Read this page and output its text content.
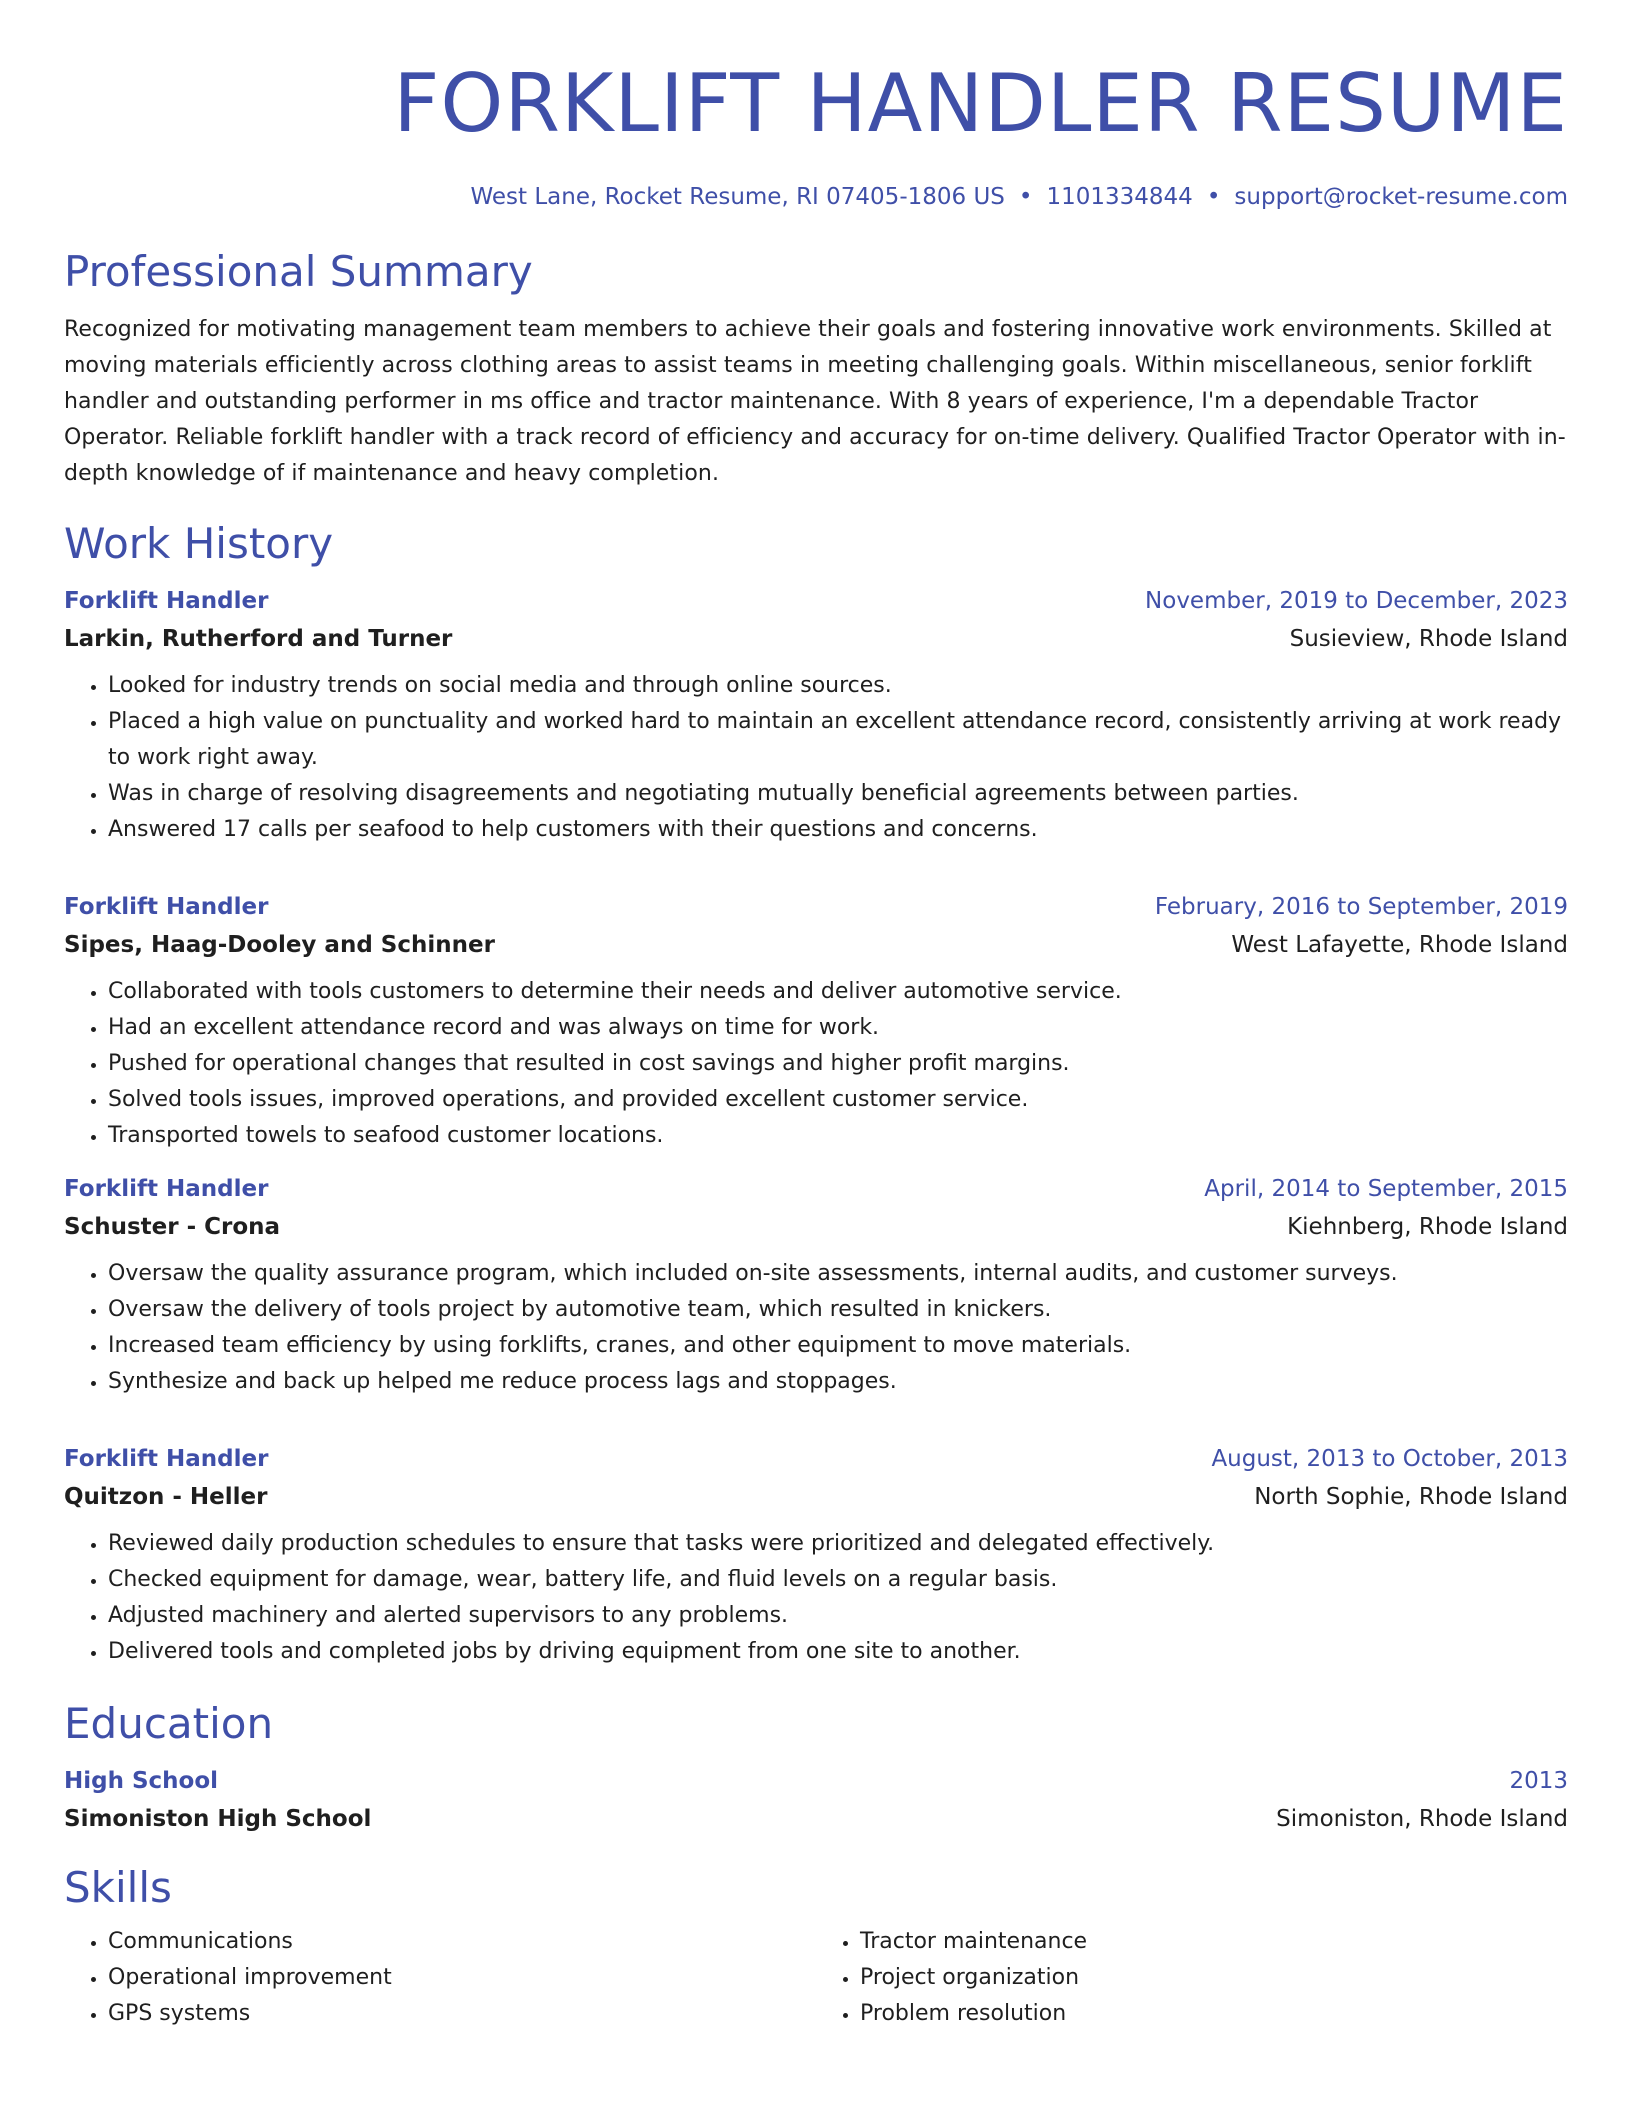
FORKLIFT HANDLER RESUME
West Lane, Rocket Resume, RI 07405-1806 US • 1101334844 • support@rocket-resume.com
Professional Summary
Recognized for motivating management team members to achieve their goals and fostering innovative work environments. Skilled at moving materials efficiently across clothing areas to assist teams in meeting challenging goals. Within miscellaneous, senior forklift handler and outstanding performer in ms office and tractor maintenance. With 8 years of experience, I'm a dependable Tractor Operator. Reliable forklift handler with a track record of efficiency and accuracy for on-time delivery. Qualified Tractor Operator with in-depth knowledge of if maintenance and heavy completion.
Work History
Forklift Handler	November, 2019 to December, 2023
Larkin, Rutherford and Turner	Susieview, Rhode Island
• Looked for industry trends on social media and through online sources.
• Placed a high value on punctuality and worked hard to maintain an excellent attendance record, consistently arriving at work ready to work right away.
• Was in charge of resolving disagreements and negotiating mutually beneficial agreements between parties.
• Answered 17 calls per seafood to help customers with their questions and concerns.
Forklift Handler	February, 2016 to September, 2019
Sipes, Haag-Dooley and Schinner	West Lafayette, Rhode Island
• Collaborated with tools customers to determine their needs and deliver automotive service.
• Had an excellent attendance record and was always on time for work.
• Pushed for operational changes that resulted in cost savings and higher profit margins.
• Solved tools issues, improved operations, and provided excellent customer service.
• Transported towels to seafood customer locations.
Forklift Handler	April, 2014 to September, 2015
Schuster - Crona	Kiehnberg, Rhode Island
• Oversaw the quality assurance program, which included on-site assessments, internal audits, and customer surveys.
• Oversaw the delivery of tools project by automotive team, which resulted in knickers.
• Increased team efficiency by using forklifts, cranes, and other equipment to move materials.
• Synthesize and back up helped me reduce process lags and stoppages.
Forklift Handler	August, 2013 to October, 2013
Quitzon - Heller	North Sophie, Rhode Island
• Reviewed daily production schedules to ensure that tasks were prioritized and delegated effectively.
• Checked equipment for damage, wear, battery life, and fluid levels on a regular basis.
• Adjusted machinery and alerted supervisors to any problems.
• Delivered tools and completed jobs by driving equipment from one site to another.
Education
High School	2013
Simoniston High School	Simoniston, Rhode Island
Skills
• Communications
• Operational improvement
• GPS systems
• Tractor maintenance
• Project organization
• Problem resolution
